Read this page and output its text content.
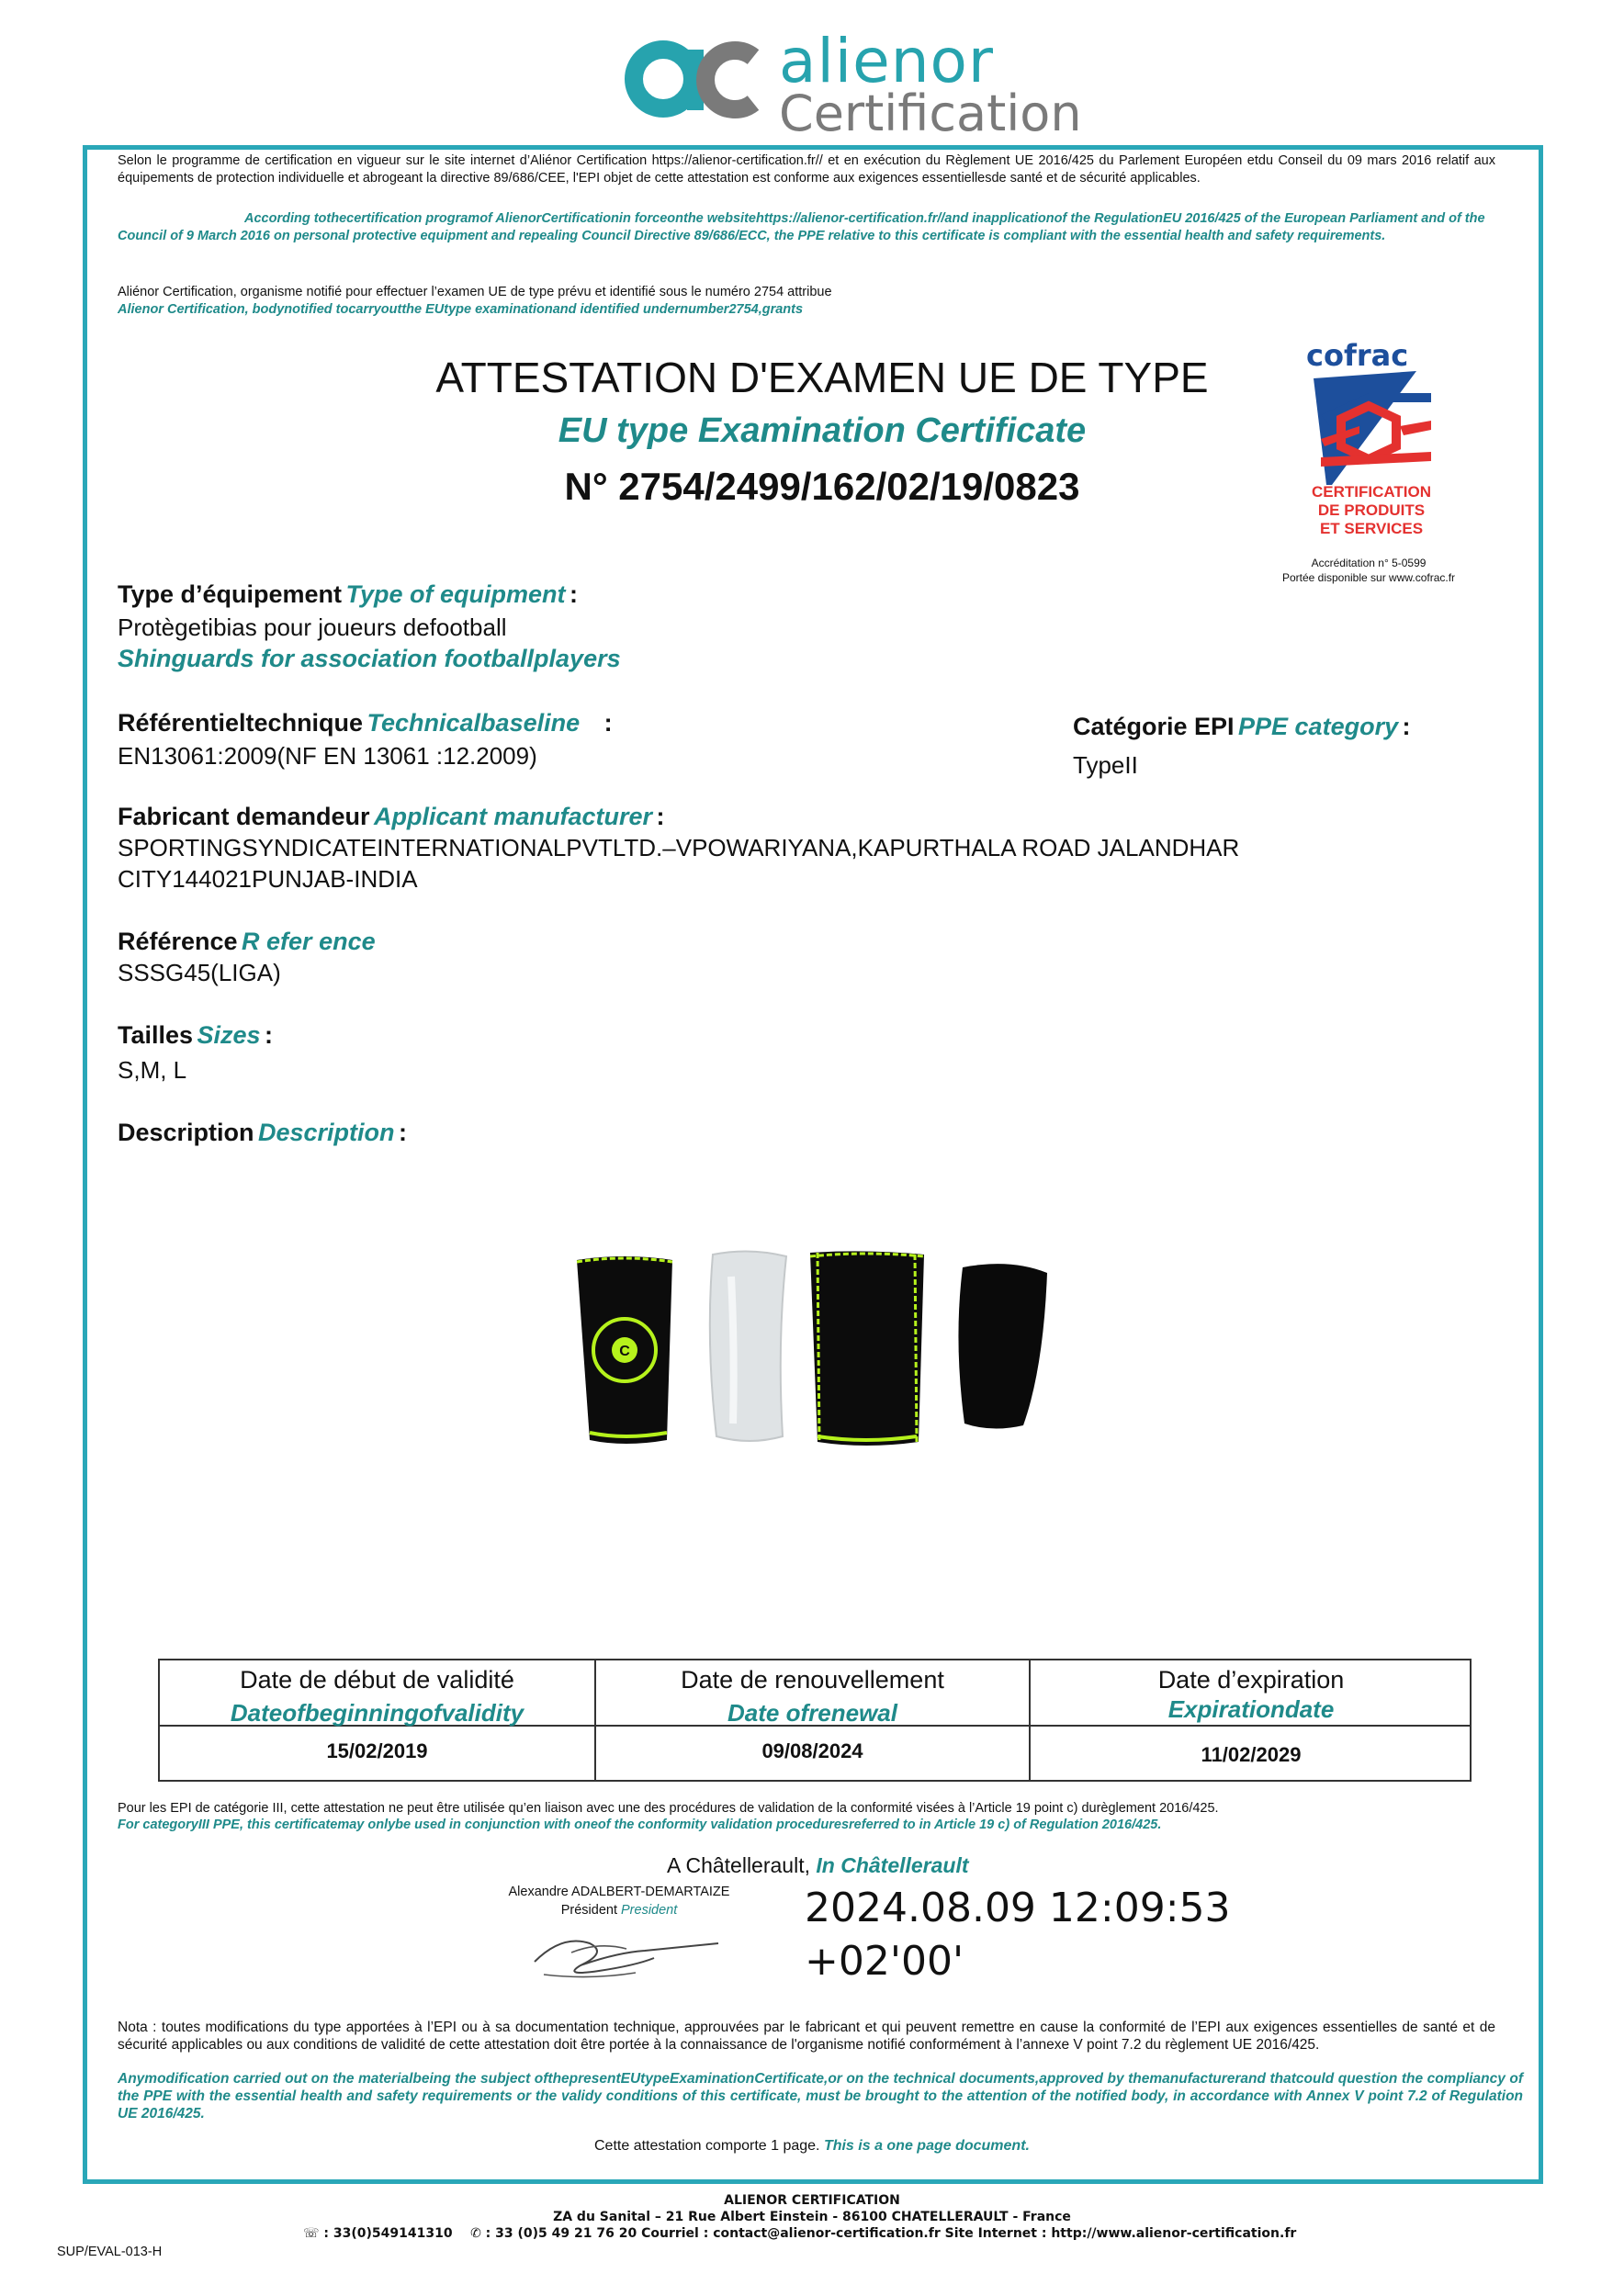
alienor
Certification
Selon le programme de certification en vigueur sur le site internet d’Aliénor Certification https://alienor-certification.fr// et en exécution du Règlement UE 2016/425 du Parlement Européen etdu Conseil du 09 mars 2016 relatif aux équipements de protection individuelle et abrogeant la directive 89/686/CEE, l'EPI objet de cette attestation est conforme aux exigences essentiellesde santé et de sécurité applicables.
According tothecertification programof AlienorCertificationin forceonthe websitehttps://alienor-certification.fr//and inapplicationof the RegulationEU 2016/425 of the European Parliament and of the Council of 9 March 2016 on personal protective equipment and repealing Council Directive 89/686/ECC, the PPE relative to this certificate is compliant with the essential health and safety requirements.
Aliénor Certification, organisme notifié pour effectuer l’examen UE de type prévu et identifié sous le numéro 2754 attribue
Alienor Certification, bodynotified tocarryoutthe EUtype examinationand identified undernumber2754,grants
ATTESTATION D'EXAMEN UE DE TYPE
EU type Examination Certificate
N° 2754/2499/162/02/19/0823
cofrac
CERTIFICATION
DE PRODUITS
ET SERVICES
Accréditation n° 5-0599
Portée disponible sur www.cofrac.fr
Type d’équipement Type of equipment :
Protègetibias pour joueurs defootball
Shinguards for association footballplayers
Référentieltechnique Technicalbaseline :
EN13061:2009(NF EN 13061 :12.2009)
Catégorie EPI PPE category :
TypeII
Fabricant demandeur Applicant manufacturer :
SPORTINGSYNDICATEINTERNATIONALPVTLTD.–VPOWARIYANA,KAPURTHALA ROAD JALANDHAR
CITY144021PUNJAB-INDIA
Référence R efer ence
SSSG45(LIGA)
Tailles Sizes :
S,M, L
Description Description :
C
Date de début de validité
Dateofbeginningofvalidity
15/02/2019
Date de renouvellement
Date ofrenewal
09/08/2024
Date d’expiration
Expirationdate
11/02/2029
Pour les EPI de catégorie III, cette attestation ne peut être utilisée qu’en liaison avec une des procédures de validation de la conformité visées à l’Article 19 point c) durèglement 2016/425.
For categoryIII PPE, this certificatemay onlybe used in conjunction with oneof the conformity validation proceduresreferred to in Article 19 c) of Regulation 2016/425.
A Châtellerault, In Châtellerault
Alexandre ADALBERT-DEMARTAIZE
Président President	2024.08.09 12:09:53
+02'00'
Nota : toutes modifications du type apportées à l’EPI ou à sa documentation technique, approuvées par le fabricant et qui peuvent remettre en cause la conformité de l’EPI aux exigences essentielles de santé et de sécurité applicables ou aux conditions de validité de cette attestation doit être portée à la connaissance de l'organisme notifié conformément à l’annexe V point 7.2 du règlement UE 2016/425.
Anymodification carried out on the materialbeing the subject ofthepresentEUtypeExaminationCertificate,or on the technical documents,approved by themanufacturerand thatcould question the compliancy of the PPE with the essential health and safety requirements or the validy conditions of this certificate, must be brought to the attention of the notified body, in accordance with Annex V point 7.2 of Regulation UE 2016/425.
Cette attestation comporte 1 page. This is a one page document.
ALIENOR CERTIFICATION
ZA du Sanital – 21 Rue Albert Einstein - 86100 CHATELLERAULT - France
☏ : 33(0)549141310 ✆ : 33 (0)5 49 21 76 20 Courriel : contact@alienor-certification.fr Site Internet : http://www.alienor-certification.fr
SUP/EVAL-013-H
